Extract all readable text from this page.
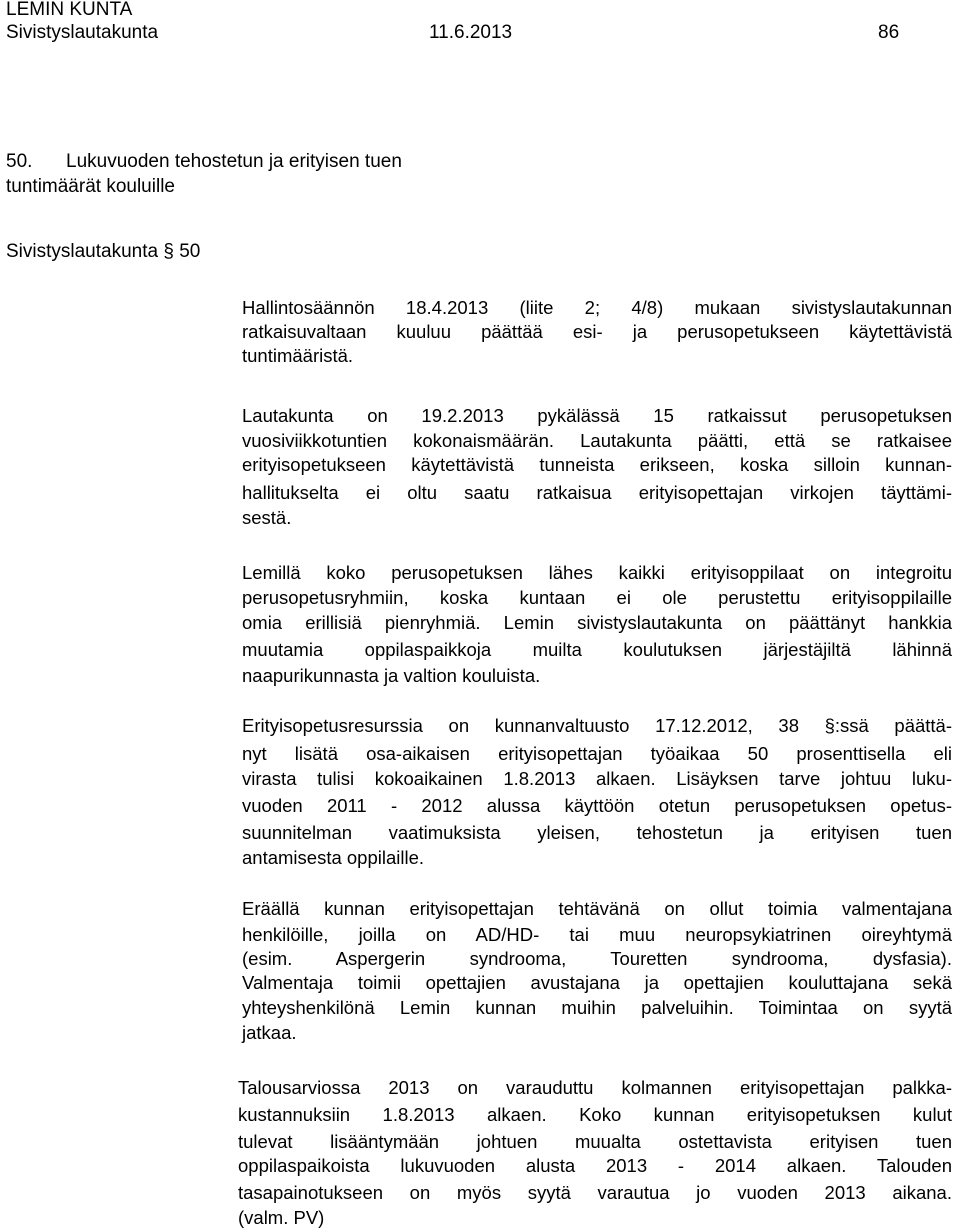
LEMIN KUNTA
Sivistyslautakunta	11.6.2013	86
50. Lukuvuoden tehostetun ja erityisen tuen
tuntimäärät kouluille
Sivistyslautakunta § 50
Hallintosäännön 18.4.2013 (liite 2; 4/8) mukaan sivistyslautakunnan
ratkaisuvaltaan kuuluu päättää esi- ja perusopetukseen käytettävistä
tuntimääristä.
Lautakunta on 19.2.2013 pykälässä 15 ratkaissut perusopetuksen
vuosiviikkotuntien kokonaismäärän. Lautakunta päätti, että se ratkaisee
erityisopetukseen käytettävistä tunneista erikseen, koska silloin kunnan-
hallitukselta ei oltu saatu ratkaisua erityisopettajan virkojen täyttämi-
sestä.
Lemillä koko perusopetuksen lähes kaikki erityisoppilaat on integroitu
perusopetusryhmiin, koska kuntaan ei ole perustettu erityisoppilaille
omia erillisiä pienryhmiä. Lemin sivistyslautakunta on päättänyt hankkia
muutamia oppilaspaikkoja muilta koulutuksen järjestäjiltä lähinnä
naapurikunnasta ja valtion kouluista.
Erityisopetusresurssia on kunnanvaltuusto 17.12.2012, 38 §:ssä päättä-
nyt lisätä osa-aikaisen erityisopettajan työaikaa 50 prosenttisella eli
virasta tulisi kokoaikainen 1.8.2013 alkaen. Lisäyksen tarve johtuu luku-
vuoden 2011 - 2012 alussa käyttöön otetun perusopetuksen opetus-
suunnitelman vaatimuksista yleisen, tehostetun ja erityisen tuen
antamisesta oppilaille.
Eräällä kunnan erityisopettajan tehtävänä on ollut toimia valmentajana
henkilöille, joilla on AD/HD- tai muu neuropsykiatrinen oireyhtymä
(esim. Aspergerin syndrooma, Touretten syndrooma, dysfasia).
Valmentaja toimii opettajien avustajana ja opettajien kouluttajana sekä
yhteyshenkilönä Lemin kunnan muihin palveluihin. Toimintaa on syytä
jatkaa.
Talousarviossa 2013 on varauduttu kolmannen erityisopettajan palkka-
kustannuksiin 1.8.2013 alkaen. Koko kunnan erityisopetuksen kulut
tulevat lisääntymään johtuen muualta ostettavista erityisen tuen
oppilaspaikoista lukuvuoden alusta 2013 - 2014 alkaen. Talouden
tasapainotukseen on myös syytä varautua jo vuoden 2013 aikana.
(valm. PV)
